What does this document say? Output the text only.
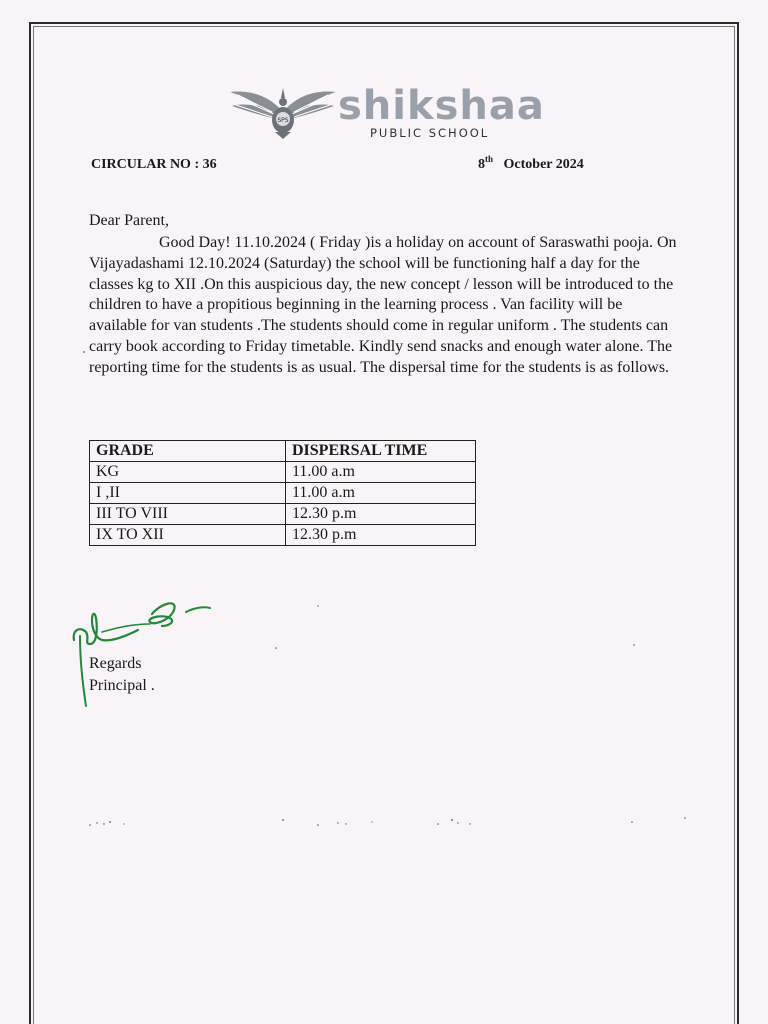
SPS shikshaa
PUBLIC SCHOOL
CIRCULAR NO : 36	8th October 2024
Dear Parent,
Good Day! 11.10.2024 ( Friday )is a holiday on account of Saraswathi pooja. On Vijayadashami 12.10.2024 (Saturday) the school will be functioning half a day for the classes kg to XII .On this auspicious day, the new concept / lesson will be introduced to the children to have a propitious beginning in the learning process . Van facility will be available for van students .The students should come in regular uniform . The students can carry book according to Friday timetable. Kindly send snacks and enough water alone. The reporting time for the students is as usual. The dispersal time for the students is as follows.
GRADE	DISPERSAL TIME
KG	11.00 a.m
I ,II	11.00 a.m
III TO VIII	12.30 p.m
IX TO XII	12.30 p.m
Regards
Principal .
